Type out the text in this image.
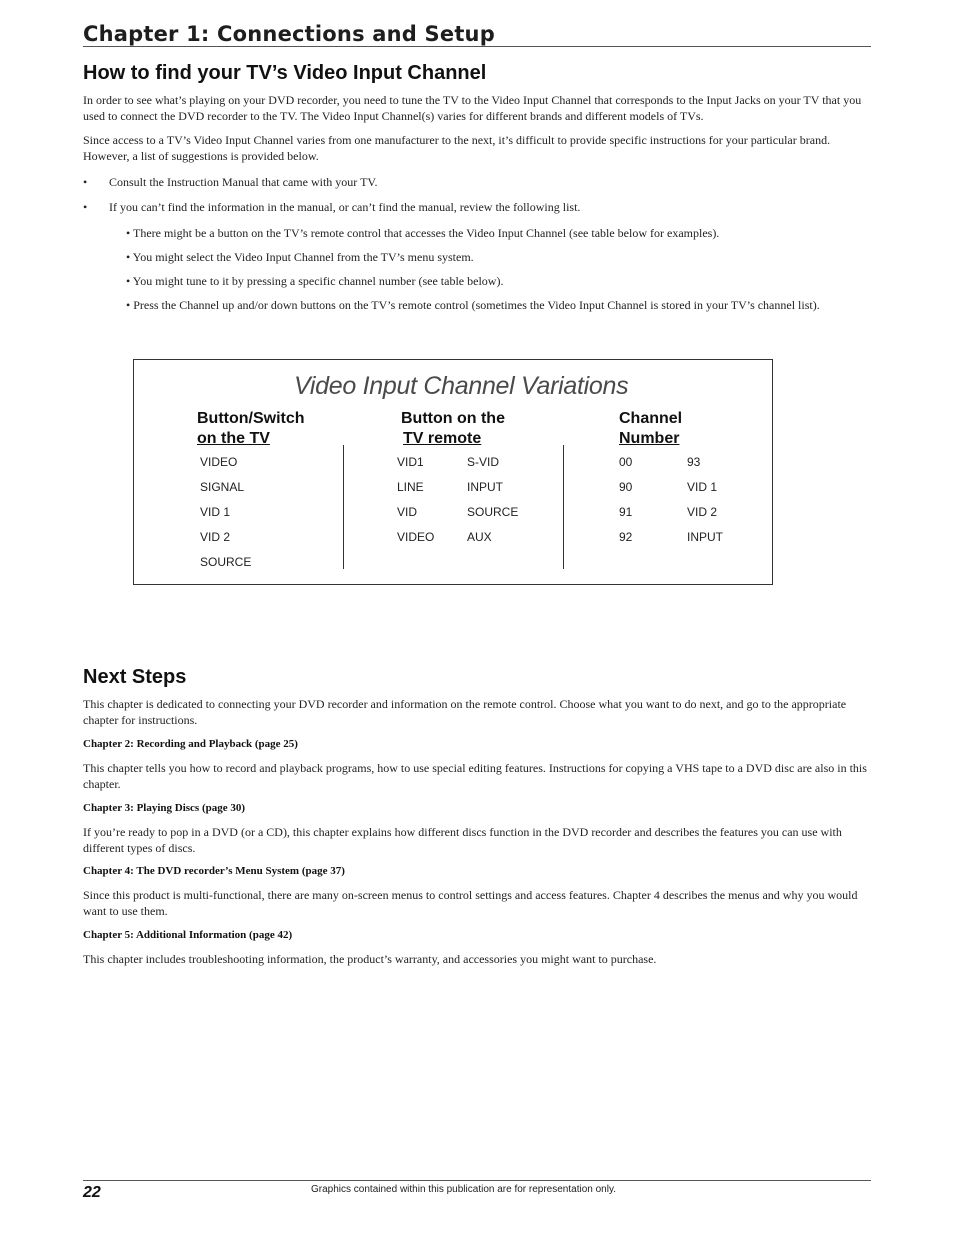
Chapter 1: Connections and Setup
How to find your TV’s Video Input Channel
In order to see what’s playing on your DVD recorder, you need to tune the TV to the Video Input Channel that corresponds to the Input Jacks on your TV that you used to connect the DVD recorder to the TV. The Video Input Channel(s) varies for different brands and different models of TVs.
Since access to a TV’s Video Input Channel varies from one manufacturer to the next, it’s difficult to provide specific instructions for your particular brand. However, a list of suggestions is provided below.
• Consult the Instruction Manual that came with your TV.
• If you can’t find the information in the manual, or can’t find the manual, review the following list.
• There might be a button on the TV’s remote control that accesses the Video Input Channel (see table below for examples).
• You might select the Video Input Channel from the TV’s menu system.
• You might tune to it by pressing a specific channel number (see table below).
• Press the Channel up and/or down buttons on the TV’s remote control (sometimes the Video Input Channel is stored in your TV’s channel list).
Video Input Channel Variations
Button/Switch
on the TV
Button on the
TV remote
Channel
Number
VIDEO
SIGNAL
VID 1
VID 2
SOURCE
VID1
LINE
VID
VIDEO
S-VID
INPUT
SOURCE
AUX
00
90
91
92
93
VID 1
VID 2
INPUT
Next Steps
This chapter is dedicated to connecting your DVD recorder and information on the remote control. Choose what you want to do next, and go to the appropriate chapter for instructions.
Chapter 2: Recording and Playback (page 25)
This chapter tells you how to record and playback programs, how to use special editing features. Instructions for copying a VHS tape to a DVD disc are also in this chapter.
Chapter 3: Playing Discs (page 30)
If you’re ready to pop in a DVD (or a CD), this chapter explains how different discs function in the DVD recorder and describes the features you can use with different types of discs.
Chapter 4: The DVD recorder’s Menu System (page 37)
Since this product is multi-functional, there are many on-screen menus to control settings and access features. Chapter 4 describes the menus and why you would want to use them.
Chapter 5: Additional Information (page 42)
This chapter includes troubleshooting information, the product’s warranty, and accessories you might want to purchase.
22	Graphics contained within this publication are for representation only.
